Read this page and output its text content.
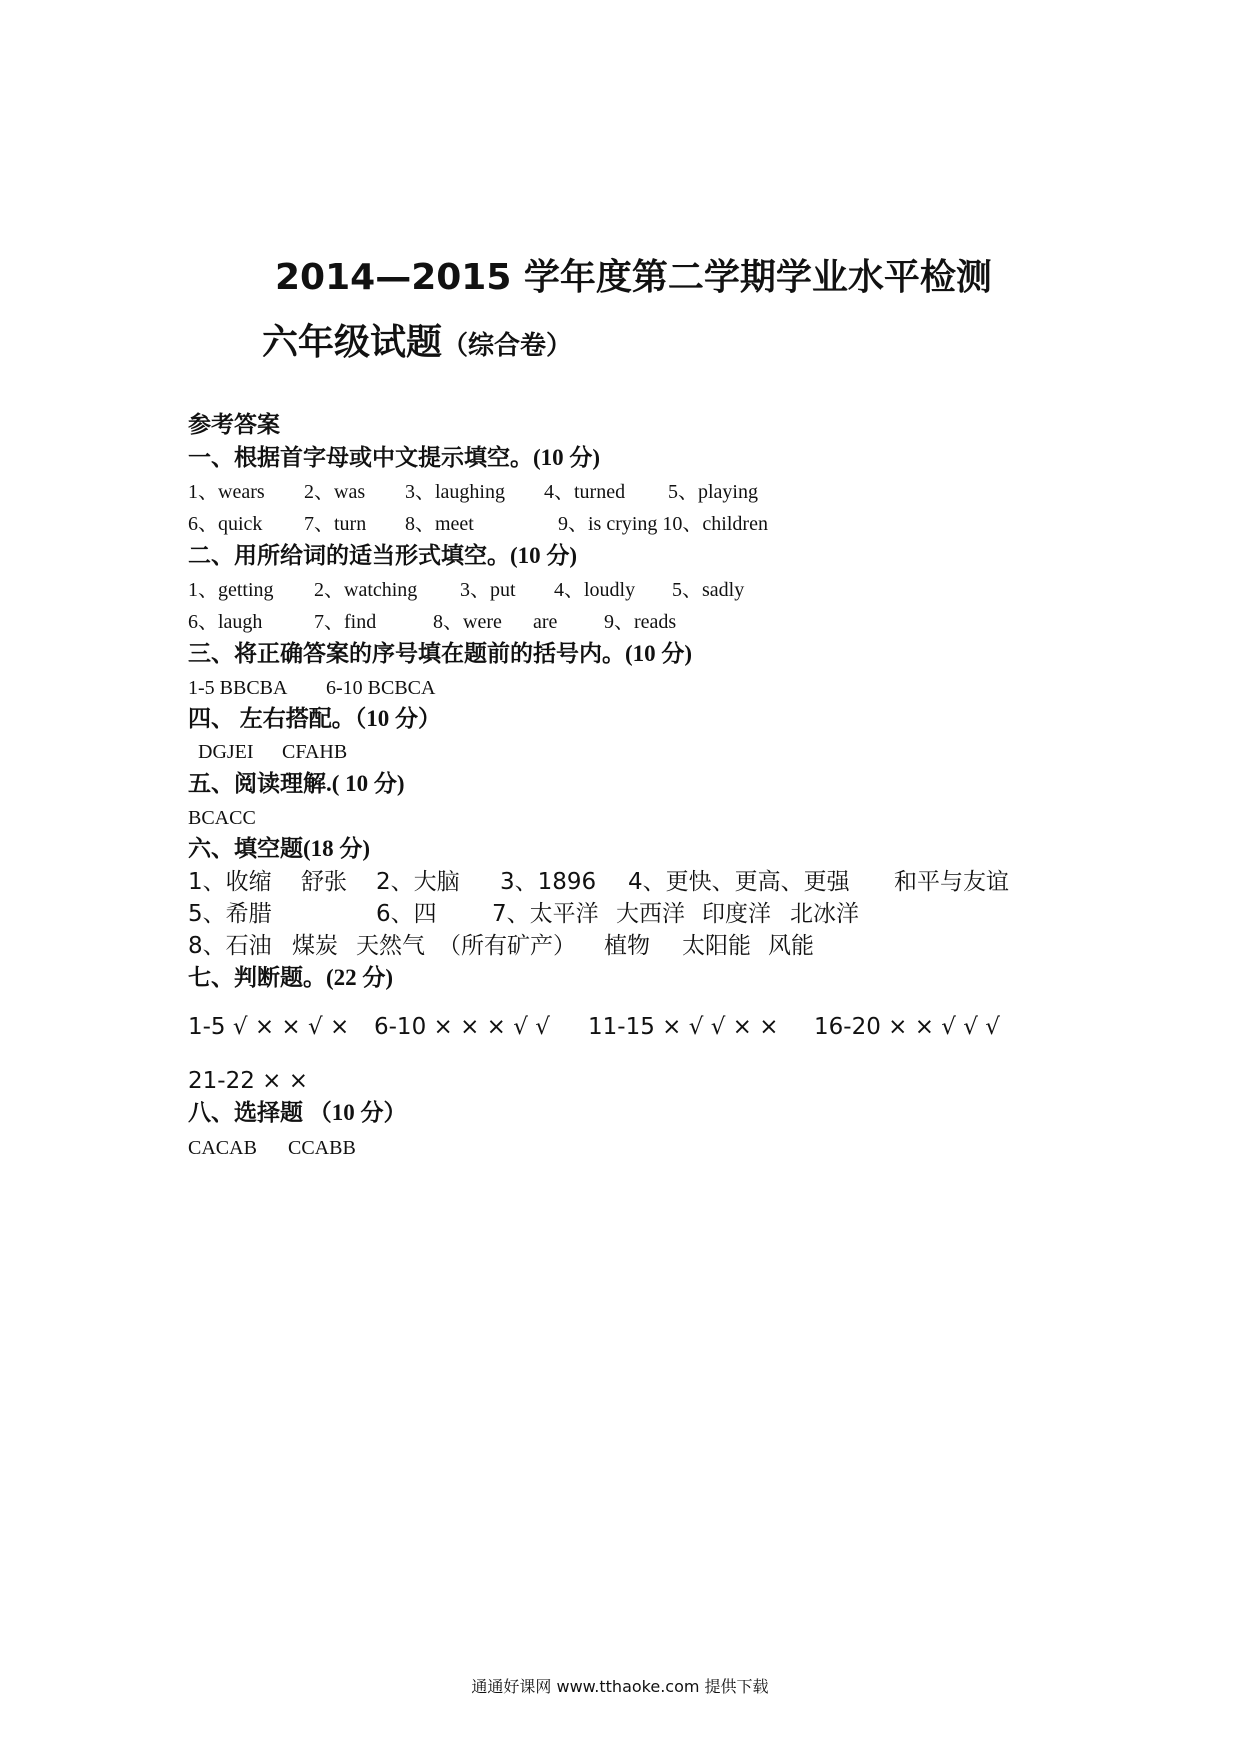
2014—2015 学年度第二学期学业水平检测
六年级试题（综合卷）
参考答案
一、根据首字母或中文提示填空。(10 分)
1、wears 2、was 3、laughing 4、turned 5、playing
6、quick 7、turn 8、meet	9、is crying 10、children
二、用所给词的适当形式填空。(10 分)
1、getting 2、watching 3、put 4、loudly 5、sadly
6、laugh	7、find	8、were are 9、reads
三、将正确答案的序号填在题前的括号内。(10 分)
1-5 BBCBA 6-10 BCBCA
四、 左右搭配。（10 分）
DGJEI CFAHB
五、阅读理解.( 10 分)
BCACC
六、填空题(18 分)
1、收缩 舒张 2、大脑 3、1896 4、更快、更高、更强 和平与友谊
5、希腊	6、四 7、太平洋 大西洋 印度洋 北冰洋
8、石油 煤炭 天然气 （所有矿产） 植物 太阳能 风能
七、判断题。(22 分)
1-5 √ × × √ × 6-10 × × × √ √ 11-15 × √ √ × × 16-20 × × √ √ √
21-22 × ×
八、选择题 （10 分）
CACAB CCABB
通通好课网 www.tthaoke.com 提供下载
